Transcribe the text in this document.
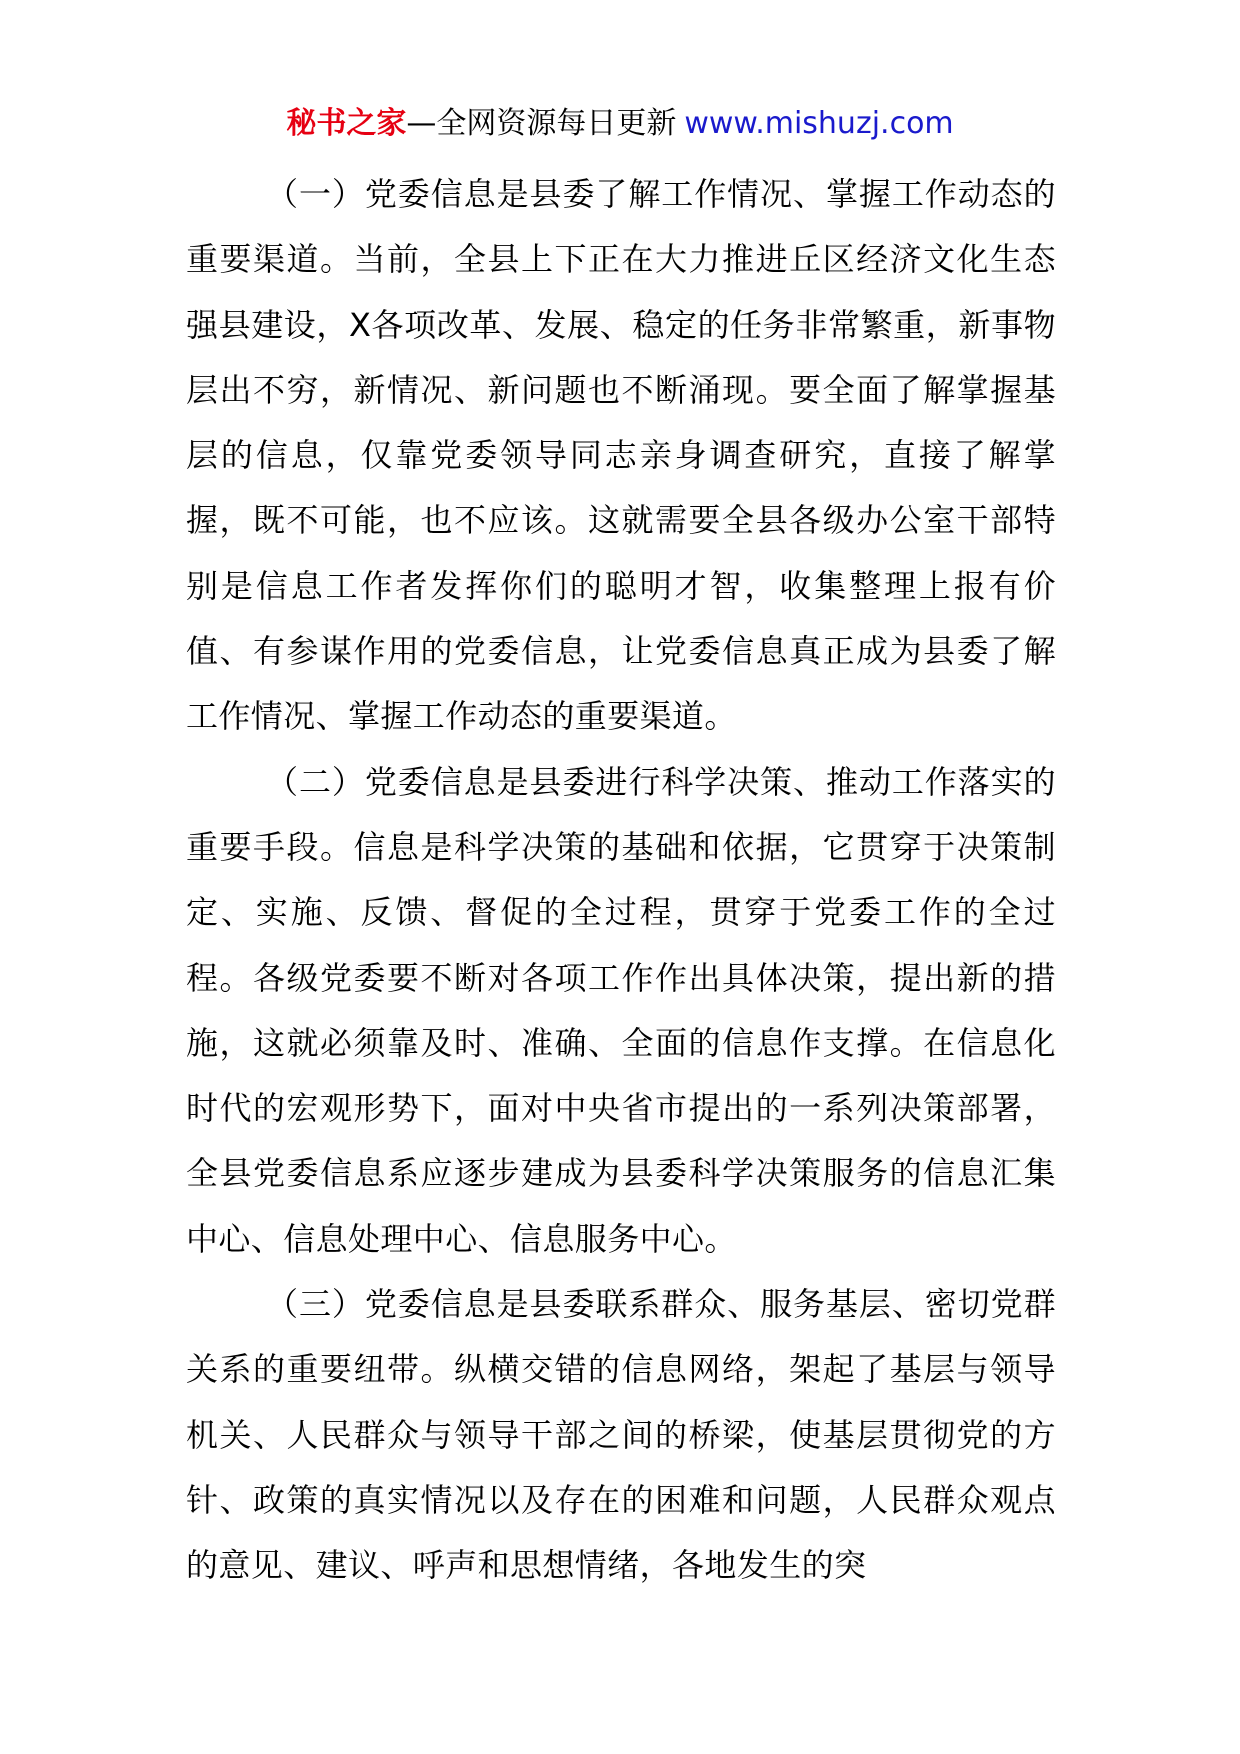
秘书之家—全网资源每日更新 www.mishuzj.com

（一）党委信息是县委了解工作情况、掌握工作动态的重要渠道。当前，全县上下正在大力推进丘区经济文化生态强县建设，X各项改革、发展、稳定的任务非常繁重，新事物层出不穷，新情况、新问题也不断涌现。要全面了解掌握基层的信息，仅靠党委领导同志亲身调查研究，直接了解掌握，既不可能，也不应该。这就需要全县各级办公室干部特别是信息工作者发挥你们的聪明才智，收集整理上报有价值、有参谋作用的党委信息，让党委信息真正成为县委了解工作情况、掌握工作动态的重要渠道。

（二）党委信息是县委进行科学决策、推动工作落实的重要手段。信息是科学决策的基础和依据，它贯穿于决策制定、实施、反馈、督促的全过程，贯穿于党委工作的全过程。各级党委要不断对各项工作作出具体决策，提出新的措施，这就必须靠及时、准确、全面的信息作支撑。在信息化时代的宏观形势下，面对中央省市提出的一系列决策部署，全县党委信息系应逐步建成为县委科学决策服务的信息汇集中心、信息处理中心、信息服务中心。

（三）党委信息是县委联系群众、服务基层、密切党群关系的重要纽带。纵横交错的信息网络，架起了基层与领导机关、人民群众与领导干部之间的桥梁，使基层贯彻党的方针、政策的真实情况以及存在的困难和问题，人民群众观点的意见、建议、呼声和思想情绪，各地发生的突
